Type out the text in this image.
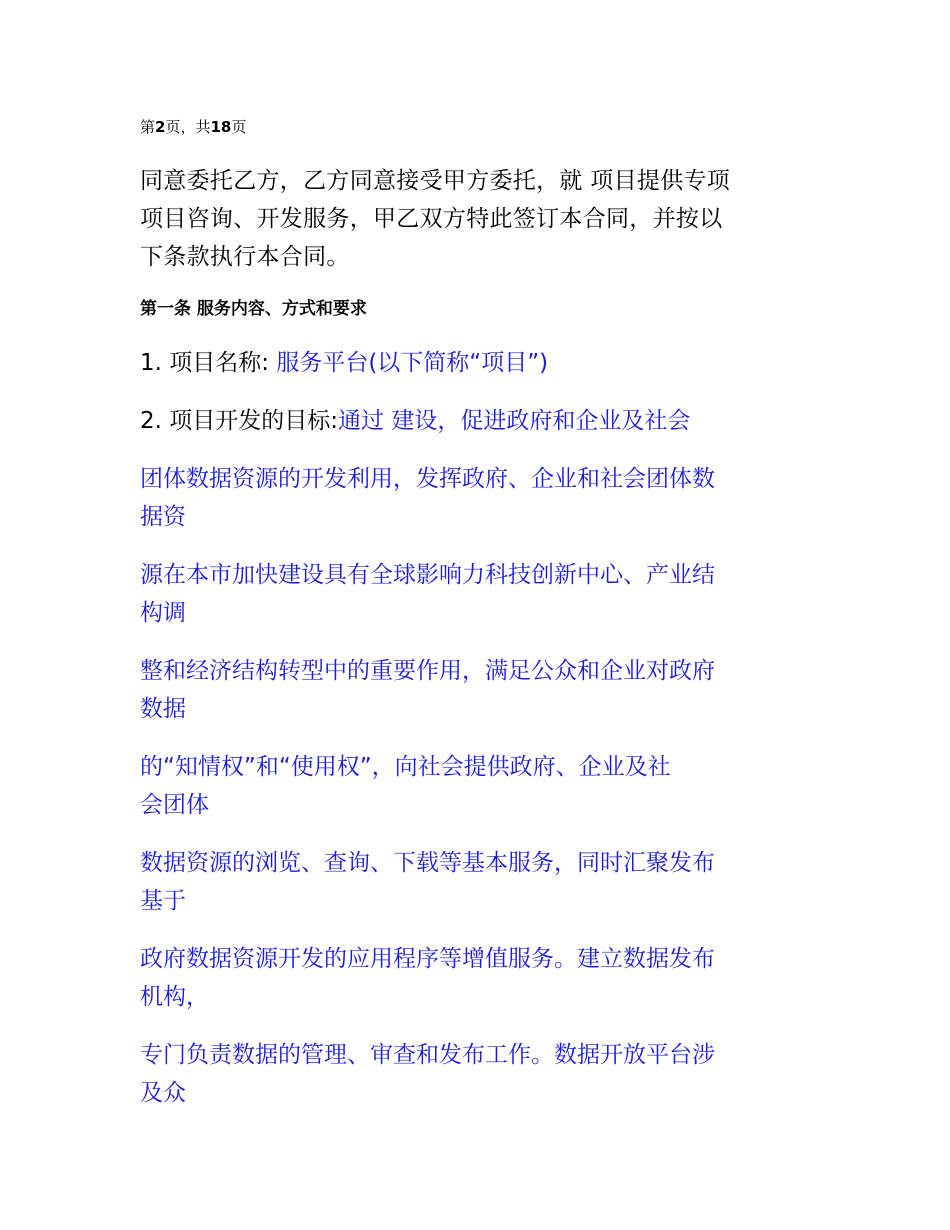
第2页，共18页
同意委托乙方，乙方同意接受甲方委托，就 项目提供专项
项目咨询、开发服务，甲乙双方特此签订本合同，并按以
下条款执行本合同。
第一条 服务内容、方式和要求
1. 项目名称: 服务平台(以下简称“项目”)
2. 项目开发的目标:通过 建设，促进政府和企业及社会
团体数据资源的开发利用，发挥政府、企业和社会团体数
据资
源在本市加快建设具有全球影响力科技创新中心、产业结
构调
整和经济结构转型中的重要作用，满足公众和企业对政府
数据
的“知情权”和“使用权”，向社会提供政府、企业及社
会团体
数据资源的浏览、查询、下载等基本服务，同时汇聚发布
基于
政府数据资源开发的应用程序等增值服务。建立数据发布
机构，
专门负责数据的管理、审查和发布工作。数据开放平台涉
及众
